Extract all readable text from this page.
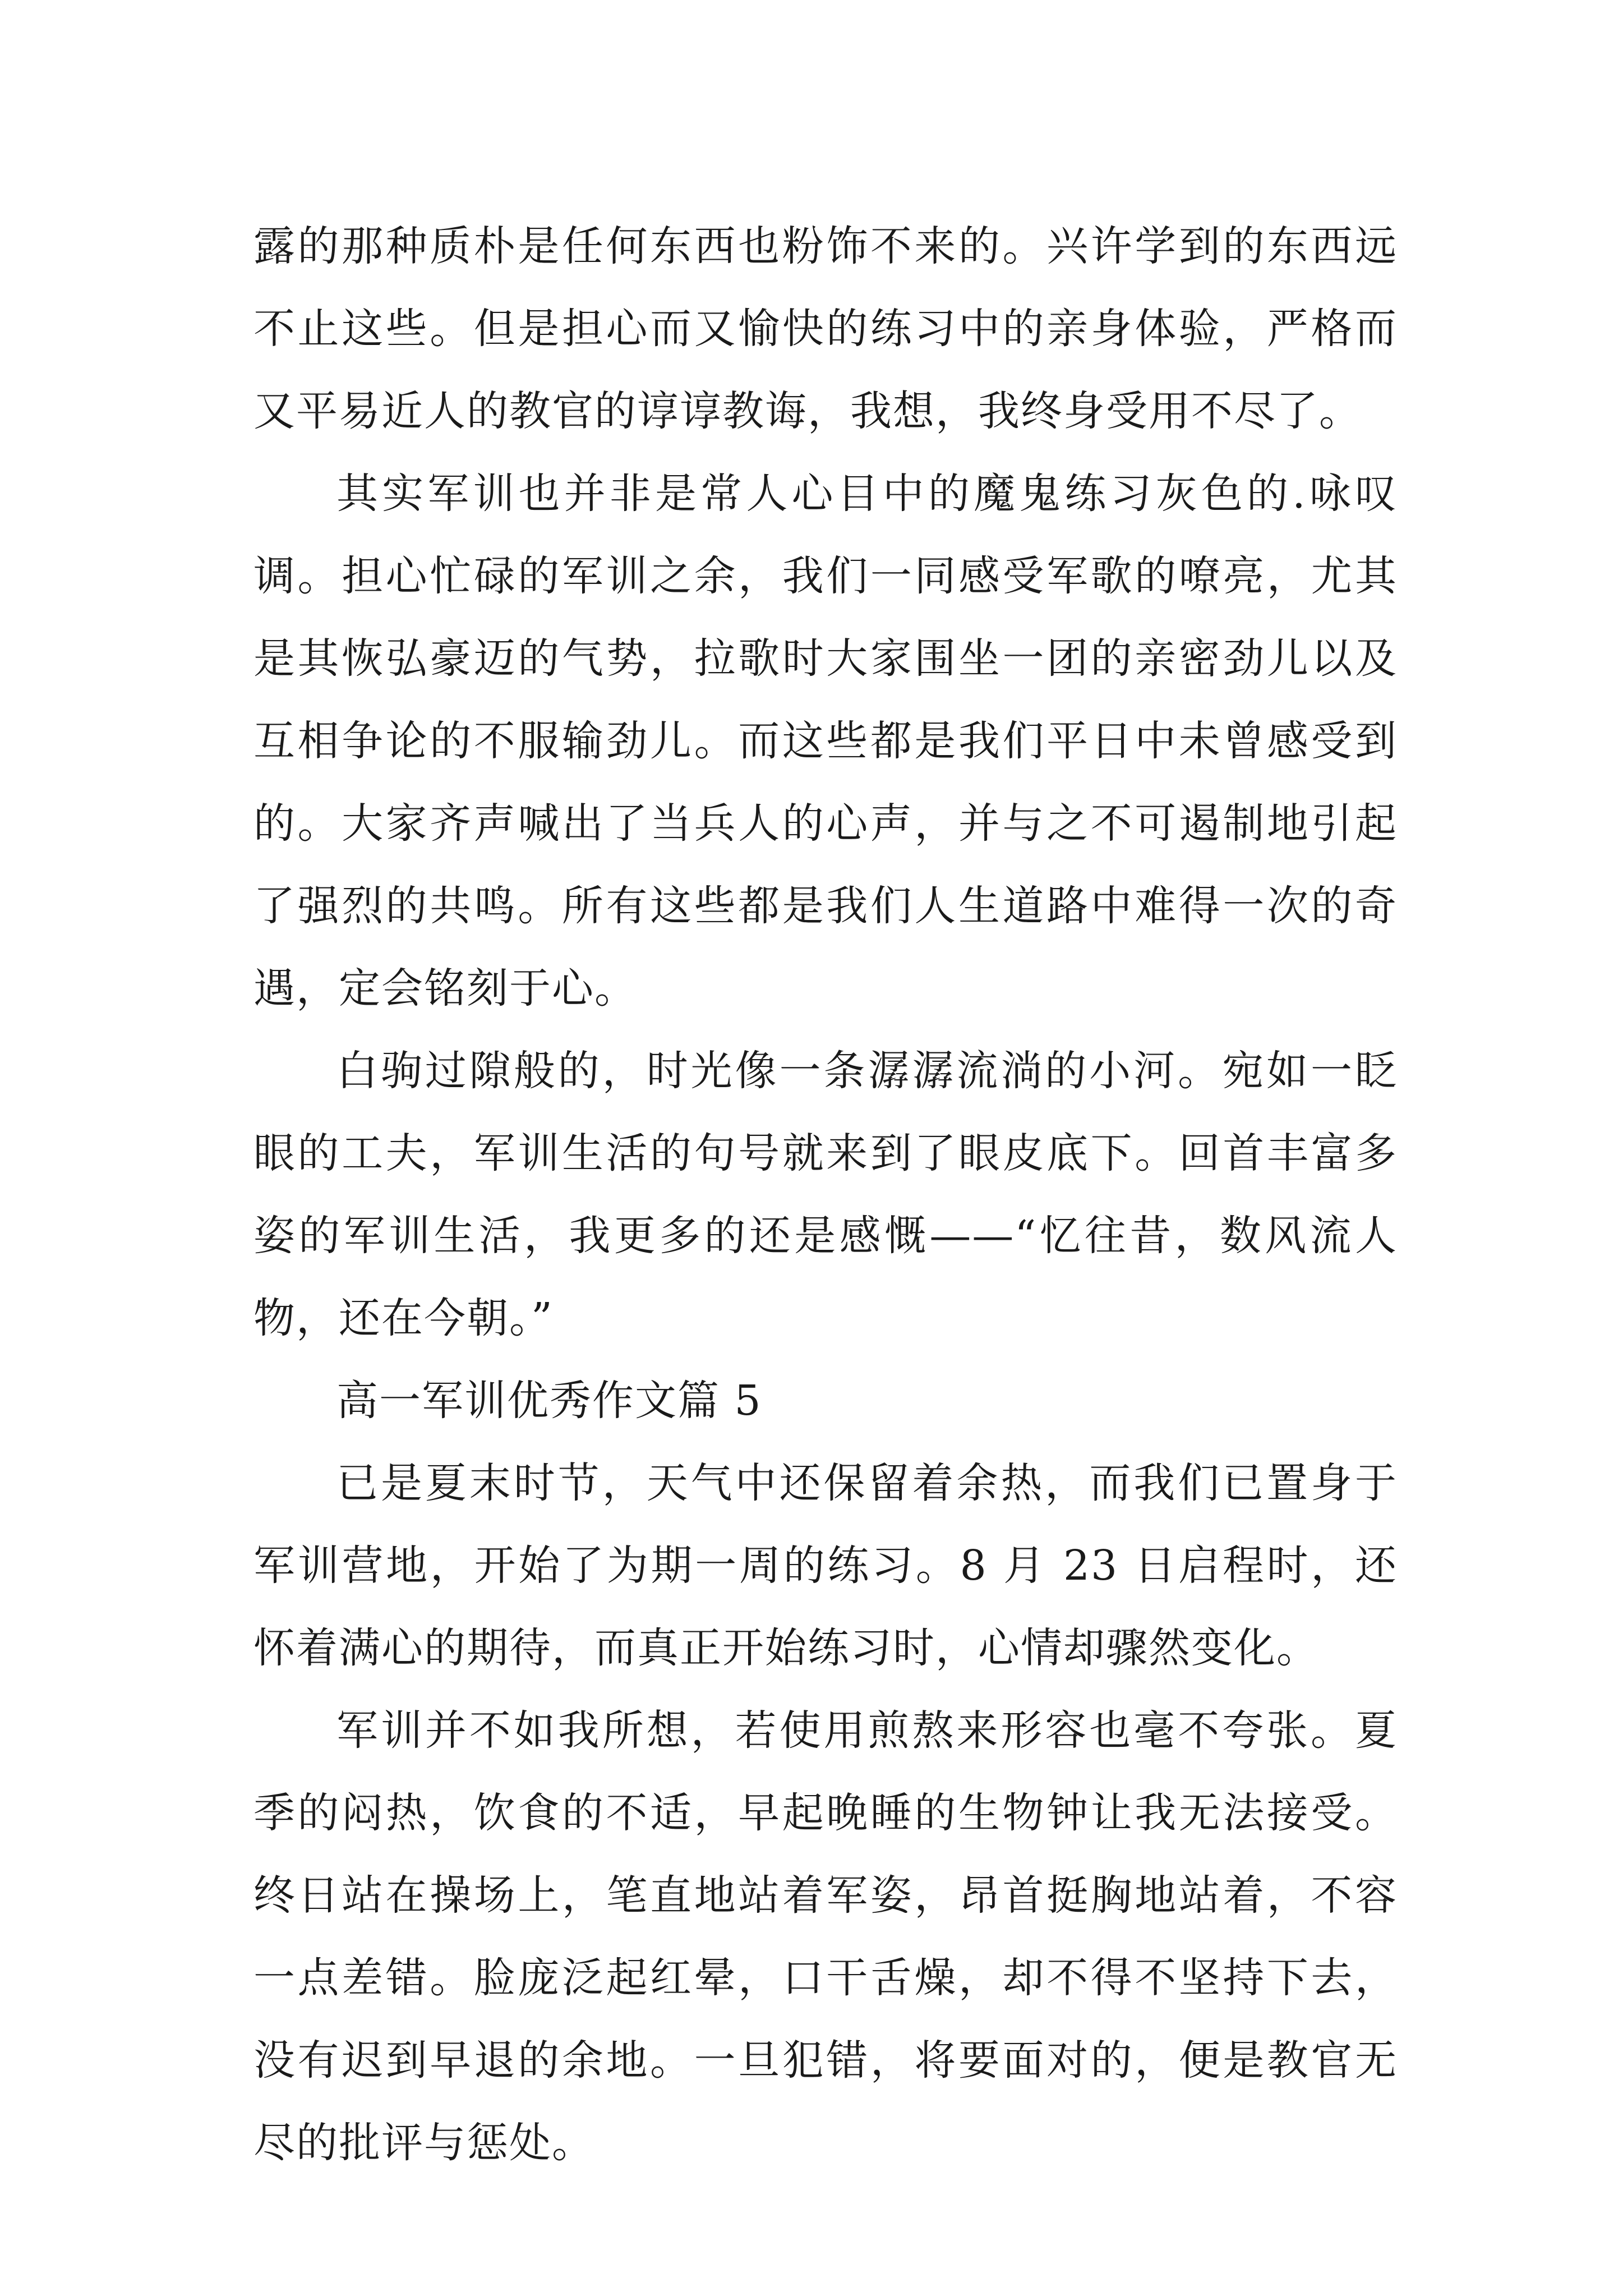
露的那种质朴是任何东西也粉饰不来的。兴许学到的东西远不止这些。但是担心而又愉快的练习中的亲身体验，严格而又平易近人的教官的谆谆教诲，我想，我终身受用不尽了。

其实军训也并非是常人心目中的魔鬼练习灰色的.咏叹调。担心忙碌的军训之余，我们一同感受军歌的嘹亮，尤其是其恢弘豪迈的气势，拉歌时大家围坐一团的亲密劲儿以及互相争论的不服输劲儿。而这些都是我们平日中未曾感受到的。大家齐声喊出了当兵人的心声，并与之不可遏制地引起了强烈的共鸣。所有这些都是我们人生道路中难得一次的奇遇，定会铭刻于心。

白驹过隙般的，时光像一条潺潺流淌的小河。宛如一眨眼的工夫，军训生活的句号就来到了眼皮底下。回首丰富多姿的军训生活，我更多的还是感慨——“忆往昔，数风流人物，还在今朝。”

高一军训优秀作文篇 5

已是夏末时节，天气中还保留着余热，而我们已置身于军训营地，开始了为期一周的练习。8 月 23 日启程时，还怀着满心的期待，而真正开始练习时，心情却骤然变化。

军训并不如我所想，若使用煎熬来形容也毫不夸张。夏季的闷热，饮食的不适，早起晚睡的生物钟让我无法接受。终日站在操场上，笔直地站着军姿，昂首挺胸地站着，不容一点差错。脸庞泛起红晕，口干舌燥，却不得不坚持下去，没有迟到早退的余地。一旦犯错，将要面对的，便是教官无尽的批评与惩处。
